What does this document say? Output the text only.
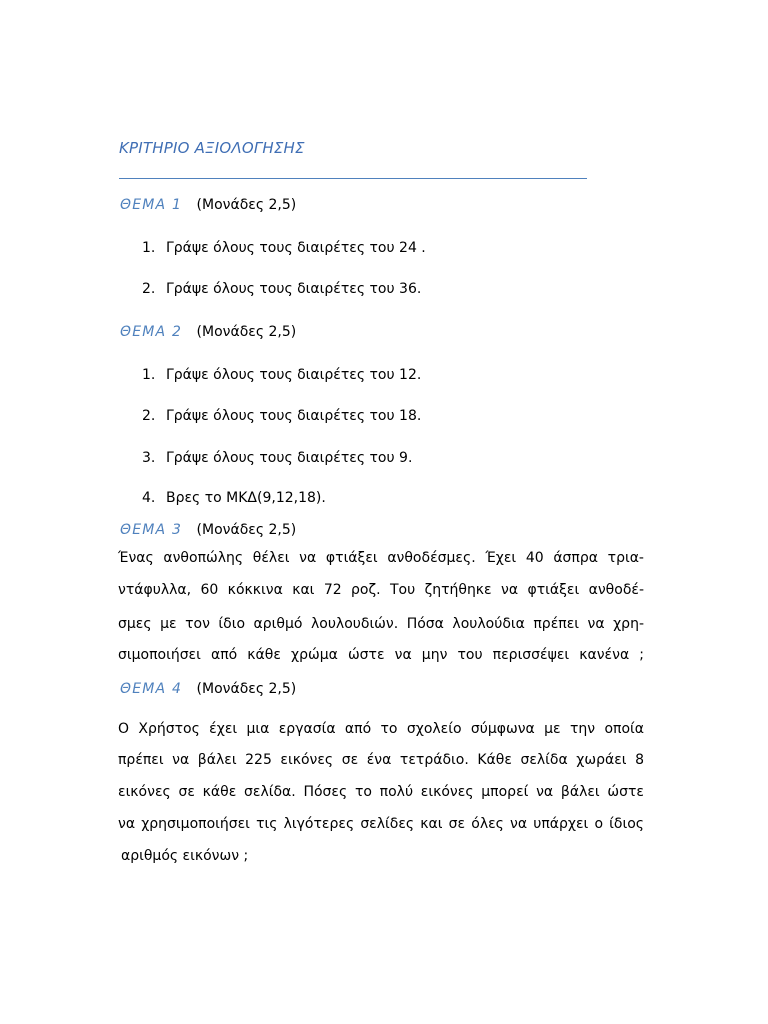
ΚΡΙΤΗΡΙΟ ΑΞΙΟΛΟΓΗΣΗΣ
ΘΕΜΑ 1 (Μονάδες 2,5)
1. Γράψε όλους τους διαιρέτες του 24 .
2. Γράψε όλους τους διαιρέτες του 36.
ΘΕΜΑ 2 (Μονάδες 2,5)
1. Γράψε όλους τους διαιρέτες του 12.
2. Γράψε όλους τους διαιρέτες του 18.
3. Γράψε όλους τους διαιρέτες του 9.
4. Βρες το ΜΚΔ(9,12,18).
ΘΕΜΑ 3 (Μονάδες 2,5)
Ένας ανθοπώλης θέλει να φτιάξει ανθοδέσμες. Έχει 40 άσπρα τρια-
ντάφυλλα, 60 κόκκινα και 72 ροζ. Του ζητήθηκε να φτιάξει ανθοδέ-
σμες με τον ίδιο αριθμό λουλουδιών. Πόσα λουλούδια πρέπει να χρη-
σιμοποιήσει από κάθε χρώμα ώστε να μην του περισσέψει κανένα ;
ΘΕΜΑ 4 (Μονάδες 2,5)
Ο Χρήστος έχει μια εργασία από το σχολείο σύμφωνα με την οποία
πρέπει να βάλει 225 εικόνες σε ένα τετράδιο. Κάθε σελίδα χωράει 8
εικόνες σε κάθε σελίδα. Πόσες το πολύ εικόνες μπορεί να βάλει ώστε
να χρησιμοποιήσει τις λιγότερες σελίδες και σε όλες να υπάρχει ο ίδιος
αριθμός εικόνων ;
